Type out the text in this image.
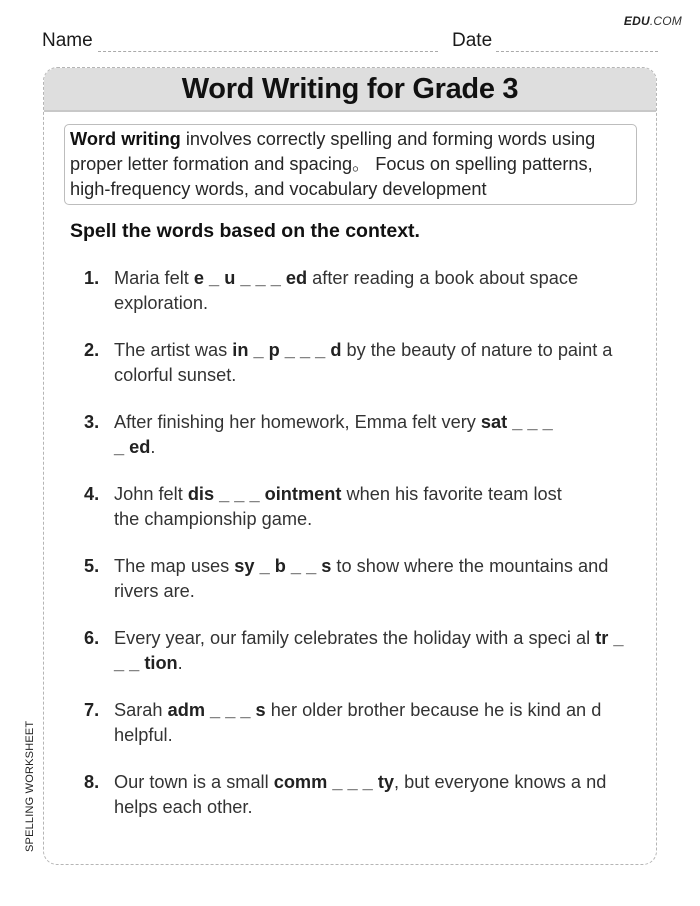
EDU.COM
Name	Date
Word Writing for Grade 3
Word writing involves correctly spelling and forming words using proper letter formation and spacing。 Focus on spelling patterns, high-frequency words, and vocabulary development
Spell the words based on the context.
1. Maria felt e _ u _ _ _ ed after reading a book about space exploration.
2. The artist was in _ p _ _ _ d by the beauty of nature to paint a colorful sunset.
3. After finishing her homework, Emma felt very sat _ _ _ _ ed.
4. John felt dis _ _ _ ointment when his favorite team lost the championship game.
5. The map uses sy _ b _ _ s to show where the mountains and rivers are.
6. Every year, our family celebrates the holiday with a speci al tr _ _ _ tion.
7. Sarah adm _ _ _ s her older brother because he is kind an d helpful.
8. Our town is a small comm _ _ _ ty, but everyone knows a nd helps each other.
SPELLING WORKSHEET
